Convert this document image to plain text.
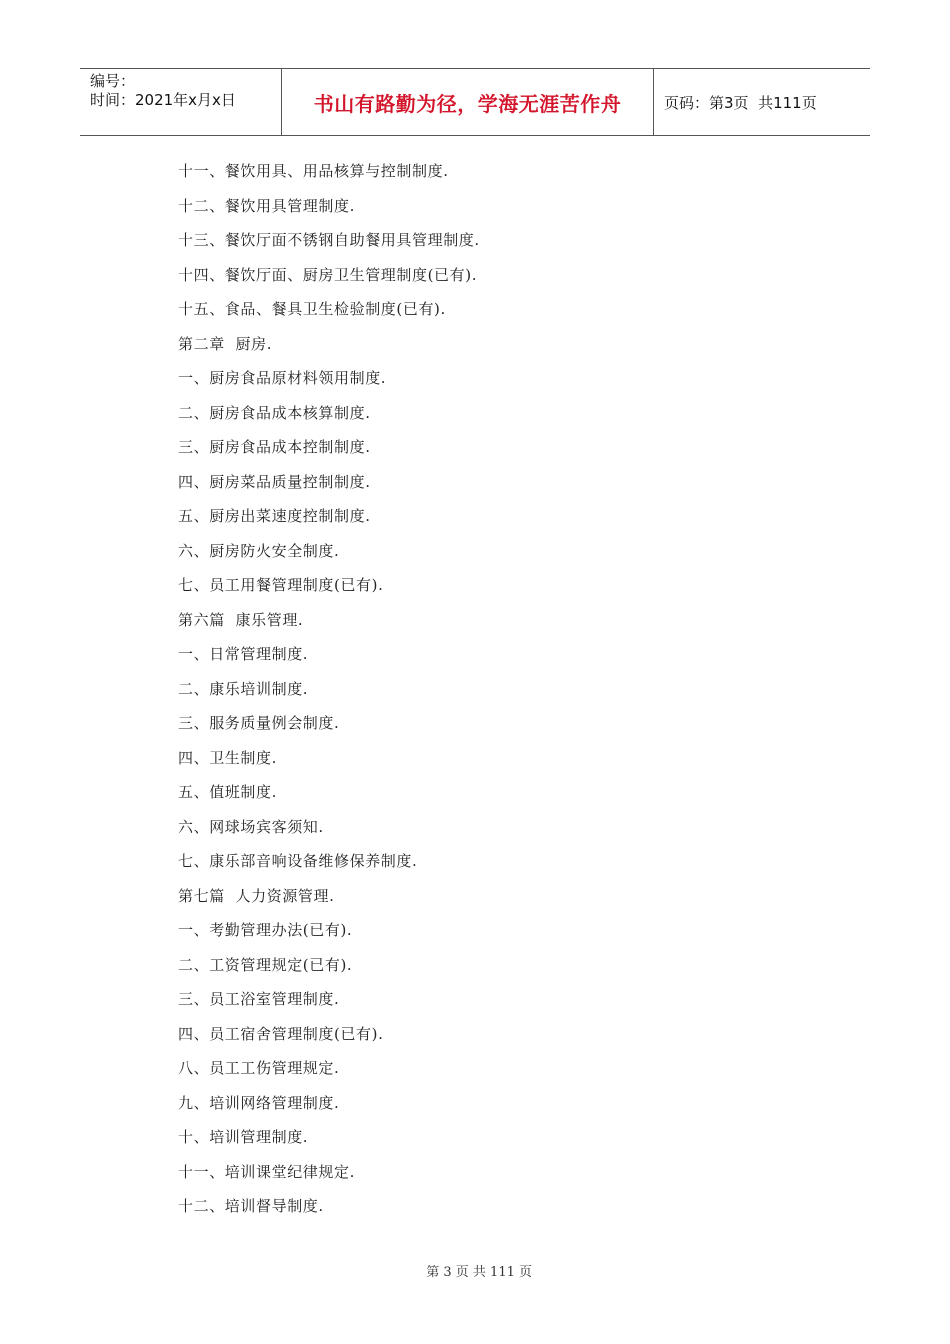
编号：
时间：2021年x月x日	书山有路勤为径，学海无涯苦作舟	页码：第3页  共111页
十一、餐饮用具、用品核算与控制制度.
十二、餐饮用具管理制度.
十三、餐饮厅面不锈钢自助餐用具管理制度.
十四、餐饮厅面、厨房卫生管理制度(已有).
十五、食品、餐具卫生检验制度(已有).
第二章  厨房.
一、厨房食品原材料领用制度.
二、厨房食品成本核算制度.
三、厨房食品成本控制制度.
四、厨房菜品质量控制制度.
五、厨房出菜速度控制制度.
六、厨房防火安全制度.
七、员工用餐管理制度(已有).
第六篇  康乐管理.
一、日常管理制度.
二、康乐培训制度.
三、服务质量例会制度.
四、卫生制度.
五、值班制度.
六、网球场宾客须知.
七、康乐部音响设备维修保养制度.
第七篇  人力资源管理.
一、考勤管理办法(已有).
二、工资管理规定(已有).
三、员工浴室管理制度.
四、员工宿舍管理制度(已有).
八、员工工伤管理规定.
九、培训网络管理制度.
十、培训管理制度.
十一、培训课堂纪律规定.
十二、培训督导制度.

第 3 页 共 111 页
